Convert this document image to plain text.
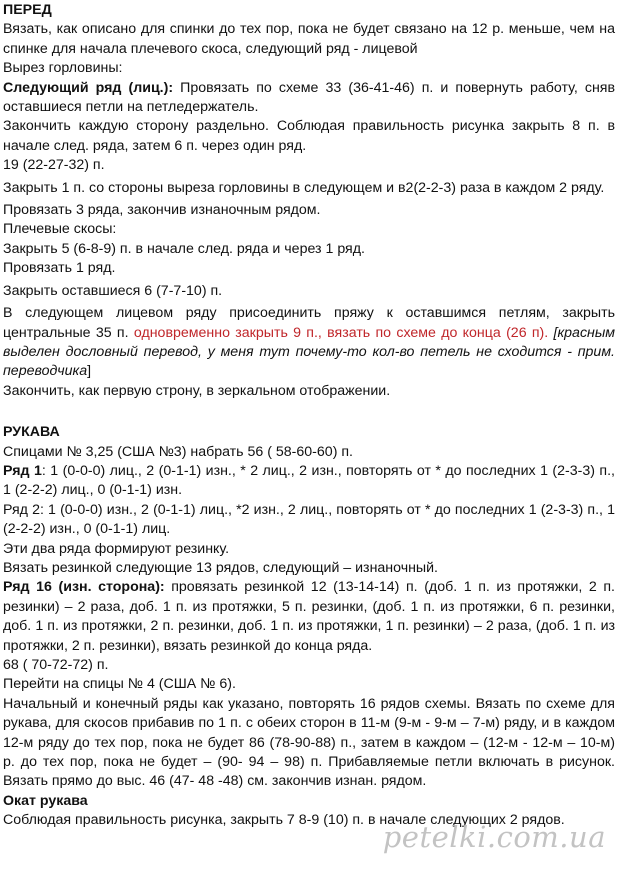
ПЕРЕД

Вязать, как описано для спинки до тех пор, пока не будет связано на 12 р. меньше, чем на спинке для начала плечевого скоса, следующий ряд - лицевой

Вырез горловины:

Следующий ряд (лиц.): Провязать по схеме 33 (36-41-46) п. и повернуть работу, сняв оставшиеся петли на петледержатель.

Закончить каждую сторону раздельно. Соблюдая правильность рисунка закрыть 8 п. в начале след. ряда, затем 6 п. через один ряд.

19 (22-27-32) п.

Закрыть 1 п. со стороны выреза горловины в следующем и в2(2-2-3) раза в каждом 2 ряду.

Провязать 3 ряда, закончив изнаночным рядом.

Плечевые скосы:

Закрыть 5 (6-8-9) п. в начале след. ряда и через 1 ряд.

Провязать 1 ряд.

Закрыть оставшиеся 6 (7-7-10) п.

В следующем лицевом ряду присоединить пряжу к оставшимся петлям, закрыть центральные 35 п. одновременно закрыть 9 п., вязать по схеме до конца (26 п). [красным выделен дословный перевод, у меня тут почему-то кол-во петель не сходится - прим. переводчика]

Закончить, как первую строну, в зеркальном отображении.

РУКАВА

Спицами № 3,25 (США №3) набрать 56 ( 58-60-60) п.

Ряд 1: 1 (0-0-0) лиц., 2 (0-1-1) изн., * 2 лиц., 2 изн., повторять от * до последних 1 (2-3-3) п., 1 (2-2-2) лиц., 0 (0-1-1) изн.

Ряд 2: 1 (0-0-0) изн., 2 (0-1-1) лиц., *2 изн., 2 лиц., повторять от * до последних 1 (2-3-3) п., 1 (2-2-2) изн., 0 (0-1-1) лиц.

Эти два ряда формируют резинку.

Вязать резинкой следующие 13 рядов, следующий – изнаночный.

Ряд 16 (изн. сторона): провязать резинкой 12 (13-14-14) п. (доб. 1 п. из протяжки, 2 п. резинки) – 2 раза, доб. 1 п. из протяжки, 5 п. резинки, (доб. 1 п. из протяжки, 6 п. резинки, доб. 1 п. из протяжки, 2 п. резинки, доб. 1 п. из протяжки, 1 п. резинки) – 2 раза, (доб. 1 п. из протяжки, 2 п. резинки), вязать резинкой до конца ряда.

68 ( 70-72-72) п.

Перейти на спицы № 4 (США № 6).

Начальный и конечный ряды как указано, повторять 16 рядов схемы. Вязать по схеме для рукава, для скосов прибавив по 1 п. с обеих сторон в 11-м (9-м - 9-м – 7-м) ряду, и в каждом 12-м ряду до тех пор, пока не будет 86 (78-90-88) п., затем в каждом – (12-м - 12-м – 10-м) р. до тех пор, пока не будет – (90- 94 – 98) п. Прибавляемые петли включать в рисунок. Вязать прямо до выс. 46 (47- 48 -48) см. закончив изнан. рядом.

Окат рукава

Соблюдая правильность рисунка, закрыть 7 8-9 (10) п. в начале следующих 2 рядов.

petelki.com.ua
